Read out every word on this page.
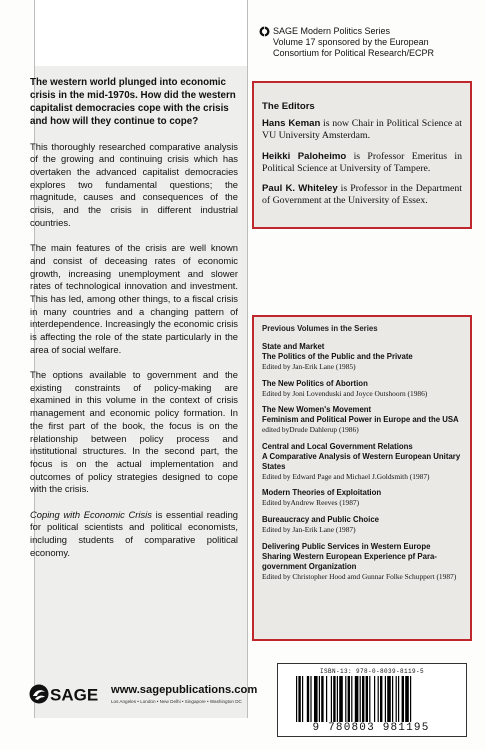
The western world plunged into economic crisis in the mid-1970s. How did the western capitalist democracies cope with the crisis and how will they continue to cope?

This thoroughly researched comparative analysis of the growing and continuing crisis which has overtaken the advanced capitalist democracies explores two fundamental questions; the magnitude, causes and consequences of the crisis, and the crisis in different industrial countries.

The main features of the crisis are well known and consist of deceasing rates of economic growth, increasing unemployment and slower rates of technological innovation and investment. This has led, among other things, to a fiscal crisis in many countries and a changing pattern of interdependence. Increasingly the economic crisis is affecting the role of the state particularly in the area of social welfare.

The options available to government and the existing constraints of policy-making are examined in this volume in the context of crisis management and economic policy formation. In the first part of the book, the focus is on the relationship between policy process and institutional structures. In the second part, the focus is on the actual implementation and outcomes of policy strategies designed to cope with the crisis.

Coping with Economic Crisis is essential reading for political scientists and political economists, including students of comparative political economy.

SAGE Modern Politics Series
Volume 17 sponsored by the European
Consortium for Political Research/ECPR
The Editors

Hans Keman is now Chair in Political Science at VU University Amsterdam.

Heikki Paloheimo is Professor Emeritus in Political Science at University of Tampere.

Paul K. Whiteley is Professor in the Department of Government at the University of Essex.

Previous Volumes in the Series
State and Market
The Politics of the Public and the Private
Edited by Jan-Erik Lane (1985)
The New Politics of Abortion
Edited by Joni Lovenduski and Joyce Outshoorn (1986)
The New Women's Movement
Feminism and Political Power in Europe and the USA
edited byDrude Dahlerup (1986)
Central and Local Government Relations
A Comparative Analysis of Western European Unitary States
Edited by Edward Page and Michael J.Goldsmith (1987)
Modern Theories of Exploitation
Edited byAndrew Reeves (1987)
Bureaucracy and Public Choice
Edited by Jan-Erik Lane (1987)
Delivering Public Services in Western Europe
Sharing Western European Experience pf Para-government Organization
Edited by Christopher Hood amd Gunnar Folke Schuppert (1987)
SAGE www.sagepublications.com
Los Angeles • London • New Delhi • Singapore • Washington DC
ISBN-13: 978-0-8039-8119-5
9 780803 981195
